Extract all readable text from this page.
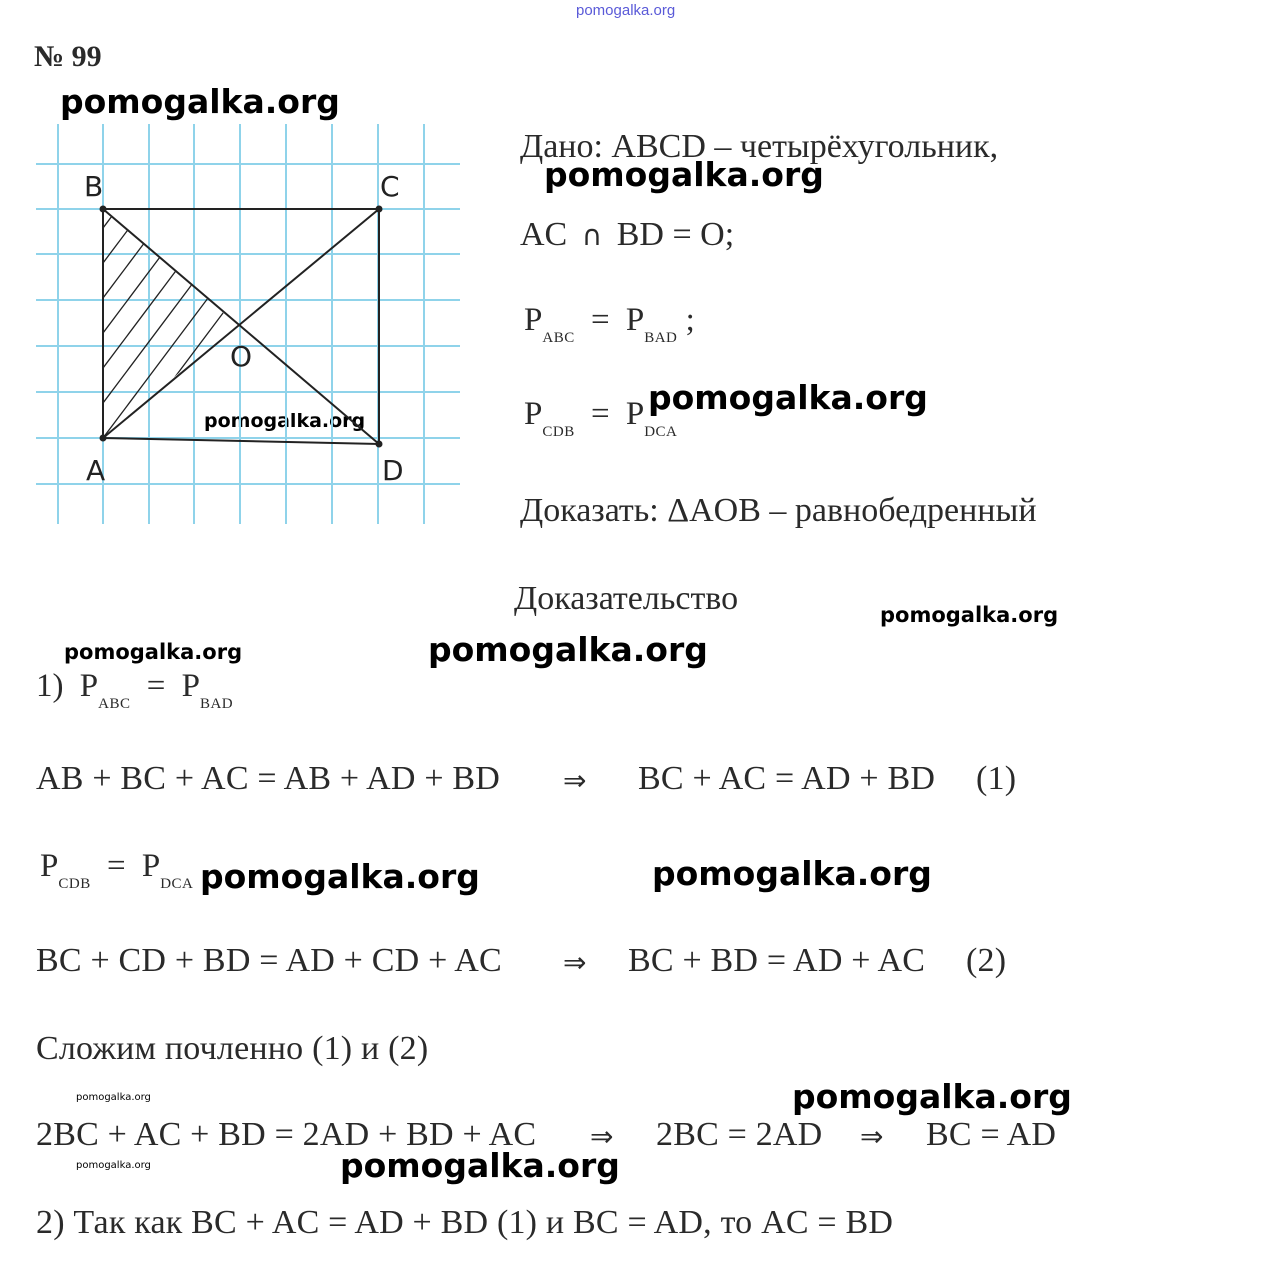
pomogalka.org
№ 99
pomogalka.org
pomogalka.org
pomogalka.org
pomogalka.org
pomogalka.org
pomogalka.org	pomogalka.org
pomogalka.org	pomogalka.org
pomogalka.org
pomogalka.org
pomogalka.org	pomogalka.org
B	C
A	D
O
Дано: ABCD – четырёхугольник,
AC ∩ BD = O;
$P_{ABC} = P_{BAD}$ ;
$P_{CDB} = P_{DCA}$
Доказать: ΔAOB – равнобедренный
Доказательство
1) $P_{ABC} = P_{BAD}$
AB + BC + AC = AB + AD + BD ⇒ BC + AC = AD + BD (1)
$P_{CDB} = P_{DCA}$
BC + CD + BD = AD + CD + AC ⇒ BC + BD = AD + AC (2)
Сложим почленно (1) и (2)
2BC + AC + BD = 2AD + BD + AC ⇒ 2BC = 2AD ⇒ BC = AD
2) Так как BC + AC = AD + BD (1) и BC = AD, то AC = BD
